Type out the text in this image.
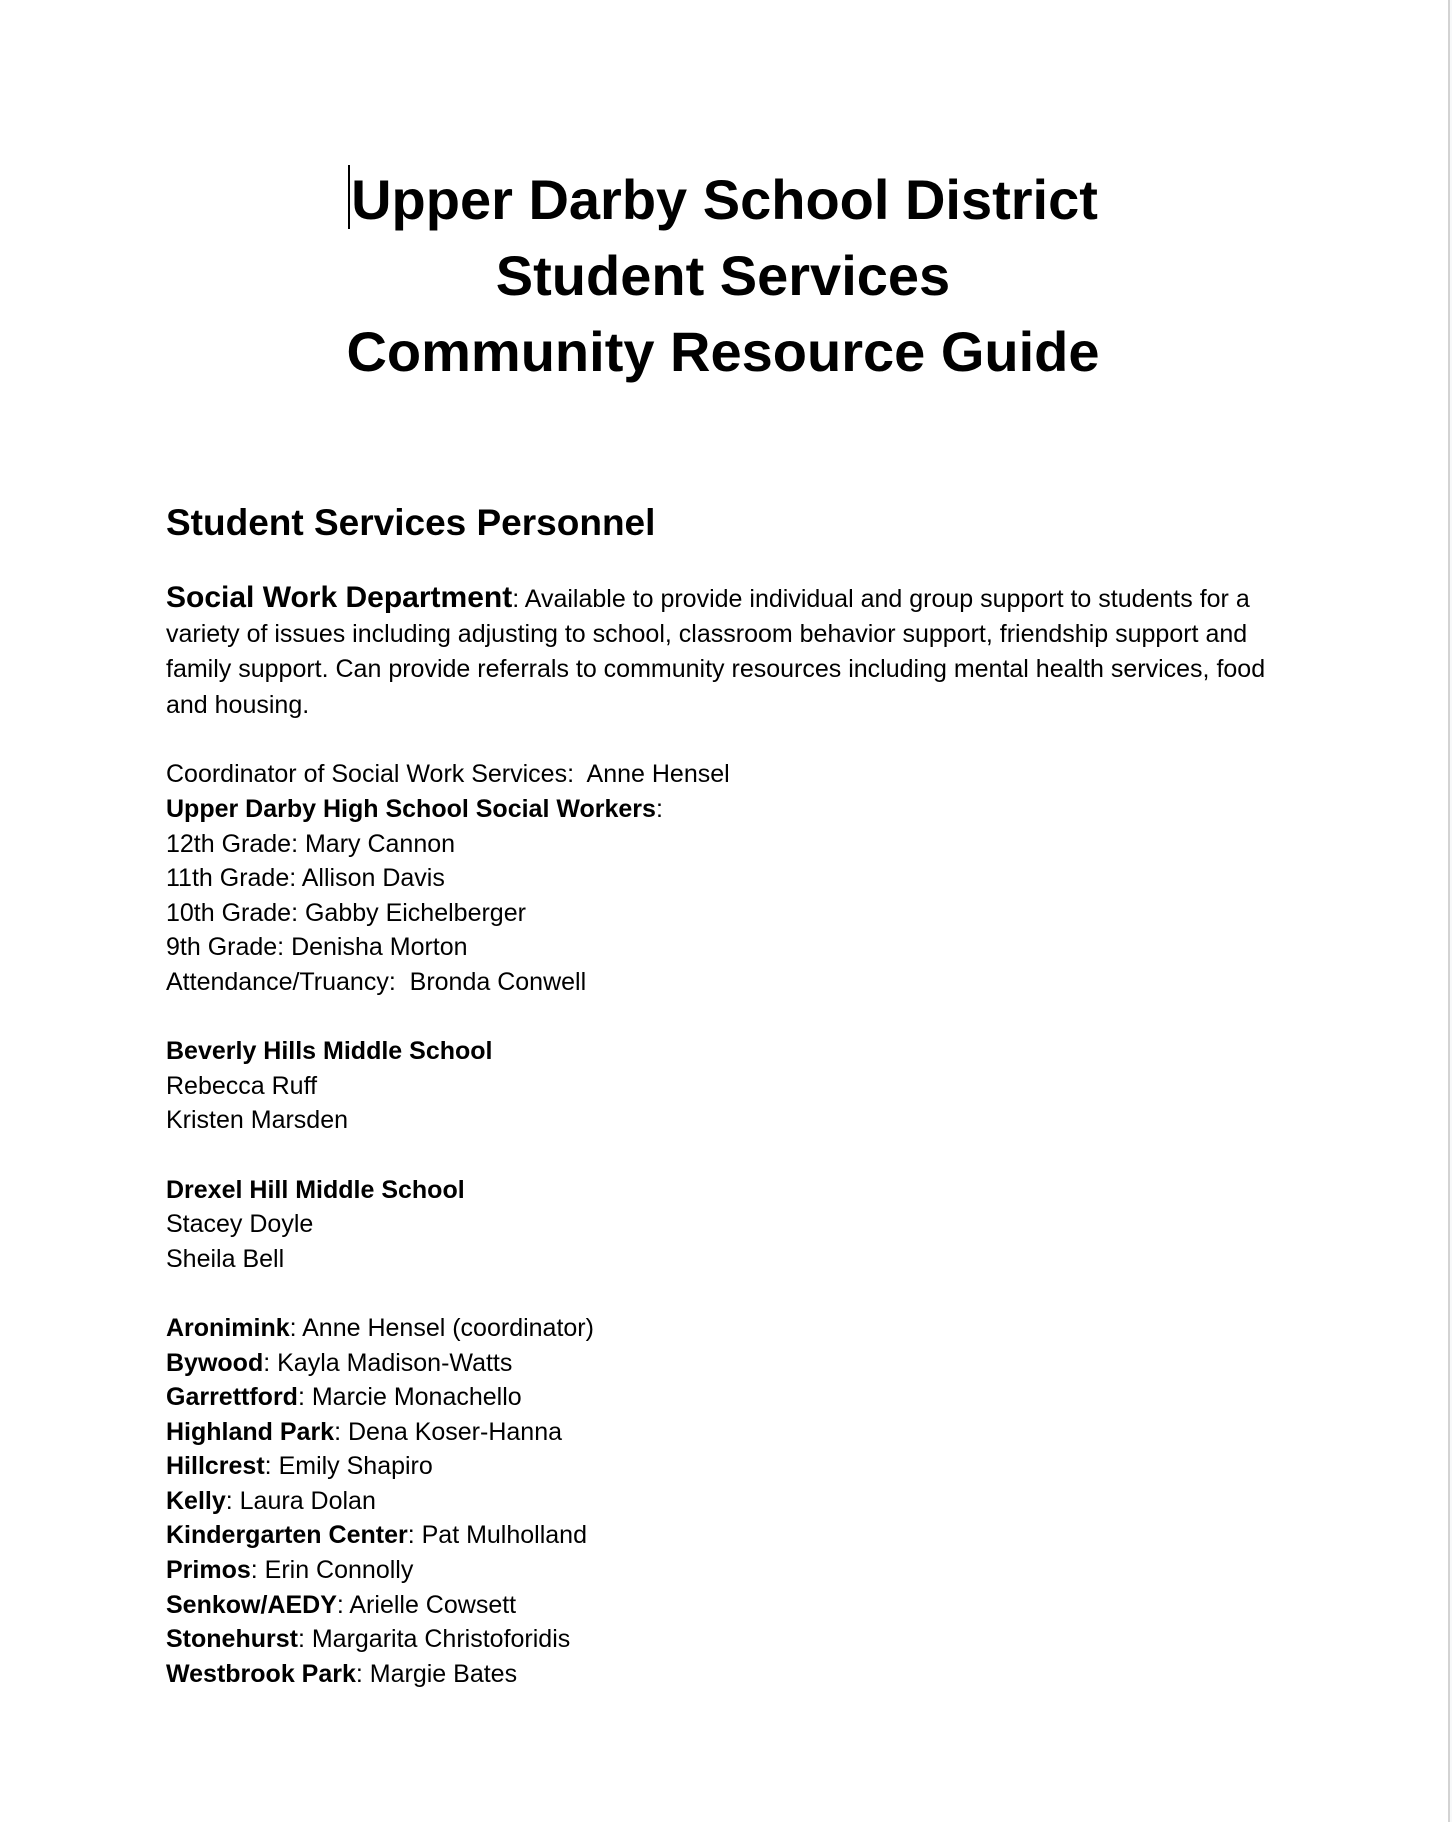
Upper Darby School District
Student Services
Community Resource Guide
Student Services Personnel

Social Work Department: Available to provide individual and group support to students for a variety of issues including adjusting to school, classroom behavior support, friendship support and family support. Can provide referrals to community resources including mental health services, food and housing.

Coordinator of Social Work Services:  Anne Hensel
Upper Darby High School Social Workers:
12th Grade: Mary Cannon
11th Grade: Allison Davis
10th Grade: Gabby Eichelberger
9th Grade: Denisha Morton
Attendance/Truancy:  Bronda Conwell
Beverly Hills Middle School
Rebecca Ruff
Kristen Marsden
Drexel Hill Middle School
Stacey Doyle
Sheila Bell
Aronimink: Anne Hensel (coordinator)
Bywood: Kayla Madison-Watts
Garrettford: Marcie Monachello
Highland Park: Dena Koser-Hanna
Hillcrest: Emily Shapiro
Kelly: Laura Dolan
Kindergarten Center: Pat Mulholland
Primos: Erin Connolly
Senkow/AEDY: Arielle Cowsett
Stonehurst: Margarita Christoforidis
Westbrook Park: Margie Bates
